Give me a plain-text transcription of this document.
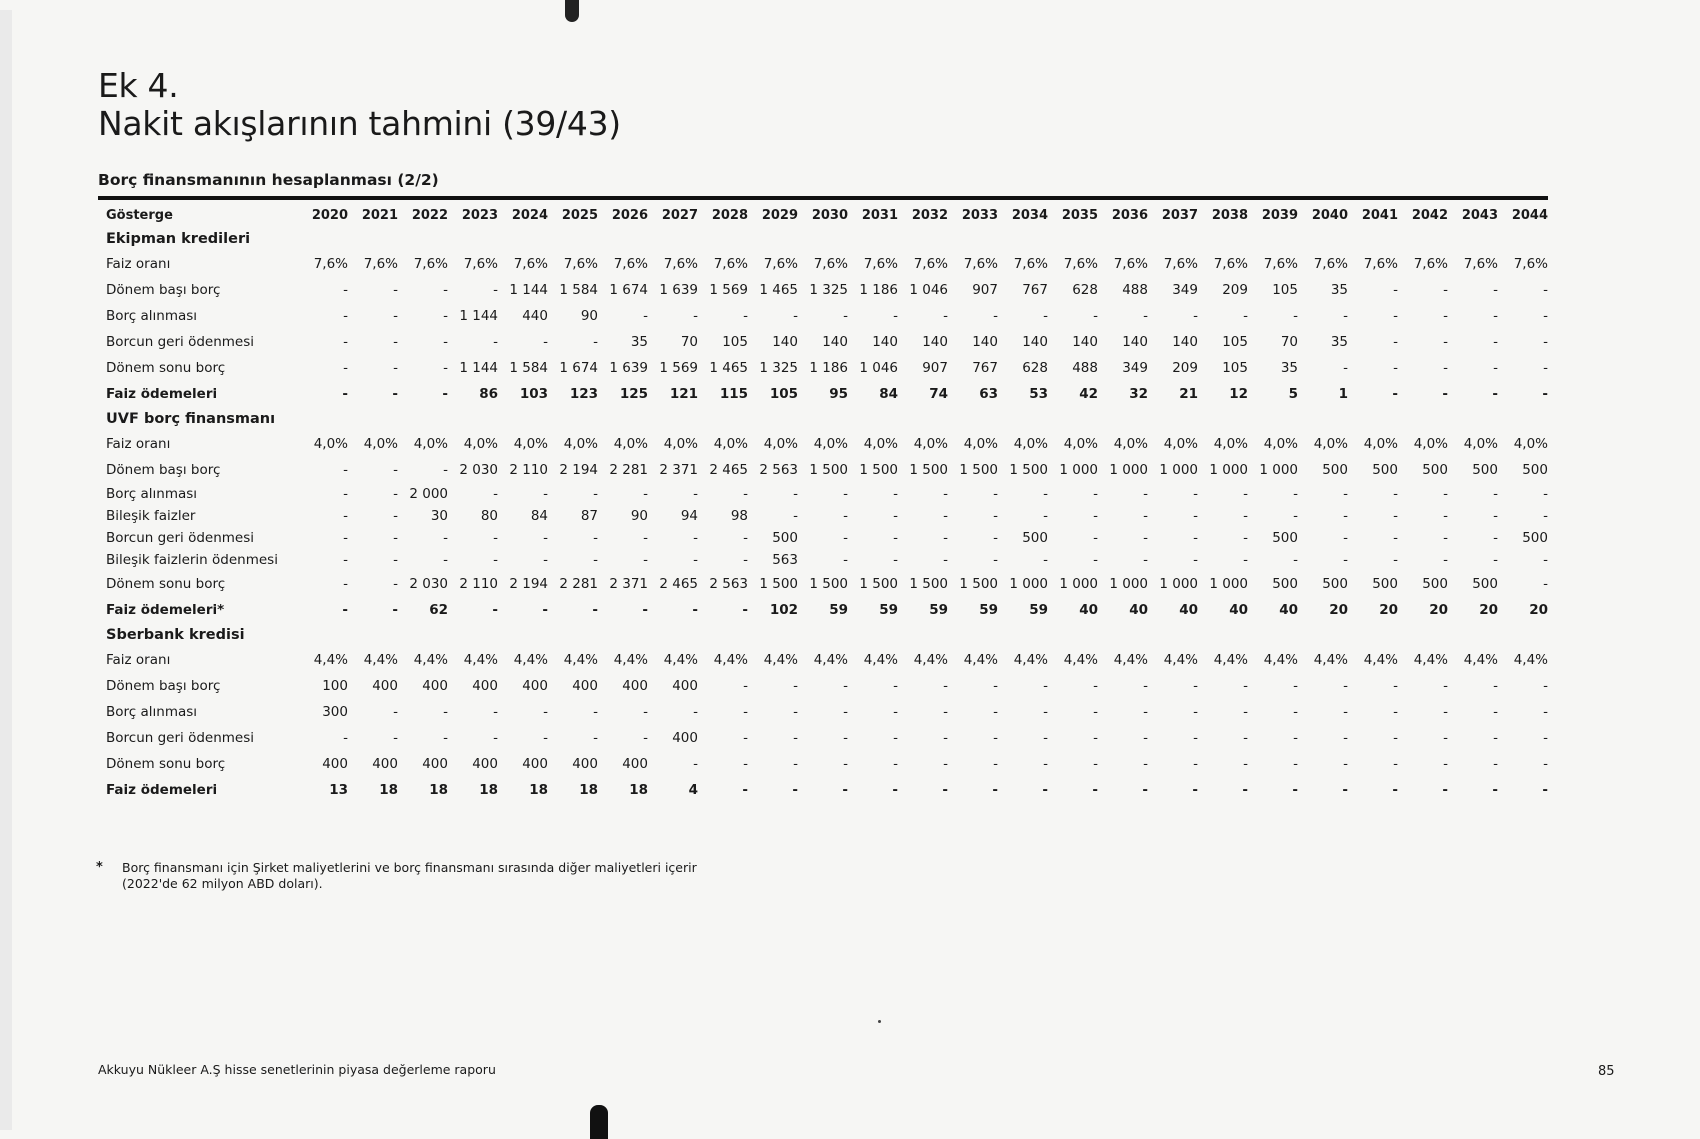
Ek 4.
Nakit akışlarının tahmini (39/43)
Borç finansmanının hesaplanması (2/2)
Gösterge	2020	2021	2022	2023	2024	2025	2026	2027	2028	2029	2030	2031	2032	2033	2034	2035	2036	2037	2038	2039	2040	2041	2042	2043	2044
Ekipman kredileri																									
Faiz oranı	7,6%	7,6%	7,6%	7,6%	7,6%	7,6%	7,6%	7,6%	7,6%	7,6%	7,6%	7,6%	7,6%	7,6%	7,6%	7,6%	7,6%	7,6%	7,6%	7,6%	7,6%	7,6%	7,6%	7,6%	7,6%
Dönem başı borç	-	-	-	-	1 144	1 584	1 674	1 639	1 569	1 465	1 325	1 186	1 046	907	767	628	488	349	209	105	35	-	-	-	-
Borç alınması	-	-	-	1 144	440	90	-	-	-	-	-	-	-	-	-	-	-	-	-	-	-	-	-	-	-
Borcun geri ödenmesi	-	-	-	-	-	-	35	70	105	140	140	140	140	140	140	140	140	140	105	70	35	-	-	-	-
Dönem sonu borç	-	-	-	1 144	1 584	1 674	1 639	1 569	1 465	1 325	1 186	1 046	907	767	628	488	349	209	105	35	-	-	-	-	-
Faiz ödemeleri	-	-	-	86	103	123	125	121	115	105	95	84	74	63	53	42	32	21	12	5	1	-	-	-	-
UVF borç finansmanı																									
Faiz oranı	4,0%	4,0%	4,0%	4,0%	4,0%	4,0%	4,0%	4,0%	4,0%	4,0%	4,0%	4,0%	4,0%	4,0%	4,0%	4,0%	4,0%	4,0%	4,0%	4,0%	4,0%	4,0%	4,0%	4,0%	4,0%
Dönem başı borç	-	-	-	2 030	2 110	2 194	2 281	2 371	2 465	2 563	1 500	1 500	1 500	1 500	1 500	1 000	1 000	1 000	1 000	1 000	500	500	500	500	500
Borç alınması	-	-	2 000	-	-	-	-	-	-	-	-	-	-	-	-	-	-	-	-	-	-	-	-	-	-
Bileşik faizler	-	-	30	80	84	87	90	94	98	-	-	-	-	-	-	-	-	-	-	-	-	-	-	-	-
Borcun geri ödenmesi	-	-	-	-	-	-	-	-	-	500	-	-	-	-	500	-	-	-	-	500	-	-	-	-	500
Bileşik faizlerin ödenmesi	-	-	-	-	-	-	-	-	-	563	-	-	-	-	-	-	-	-	-	-	-	-	-	-	-
Dönem sonu borç	-	-	2 030	2 110	2 194	2 281	2 371	2 465	2 563	1 500	1 500	1 500	1 500	1 500	1 000	1 000	1 000	1 000	1 000	500	500	500	500	500	-
Faiz ödemeleri*	-	-	62	-	-	-	-	-	-	102	59	59	59	59	59	40	40	40	40	40	20	20	20	20	20
Sberbank kredisi																									
Faiz oranı	4,4%	4,4%	4,4%	4,4%	4,4%	4,4%	4,4%	4,4%	4,4%	4,4%	4,4%	4,4%	4,4%	4,4%	4,4%	4,4%	4,4%	4,4%	4,4%	4,4%	4,4%	4,4%	4,4%	4,4%	4,4%
Dönem başı borç	100	400	400	400	400	400	400	400	-	-	-	-	-	-	-	-	-	-	-	-	-	-	-	-	-
Borç alınması	300	-	-	-	-	-	-	-	-	-	-	-	-	-	-	-	-	-	-	-	-	-	-	-	-
Borcun geri ödenmesi	-	-	-	-	-	-	-	400	-	-	-	-	-	-	-	-	-	-	-	-	-	-	-	-	-
Dönem sonu borç	400	400	400	400	400	400	400	-	-	-	-	-	-	-	-	-	-	-	-	-	-	-	-	-	-
Faiz ödemeleri	13	18	18	18	18	18	18	4	-	-	-	-	-	-	-	-	-	-	-	-	-	-	-	-	-
* Borç finansmanı için Şirket maliyetlerini ve borç finansmanı sırasında diğer maliyetleri içerir (2022'de 62 milyon ABD doları).
Akkuyu Nükleer A.Ş hisse senetlerinin piyasa değerleme raporu	85
